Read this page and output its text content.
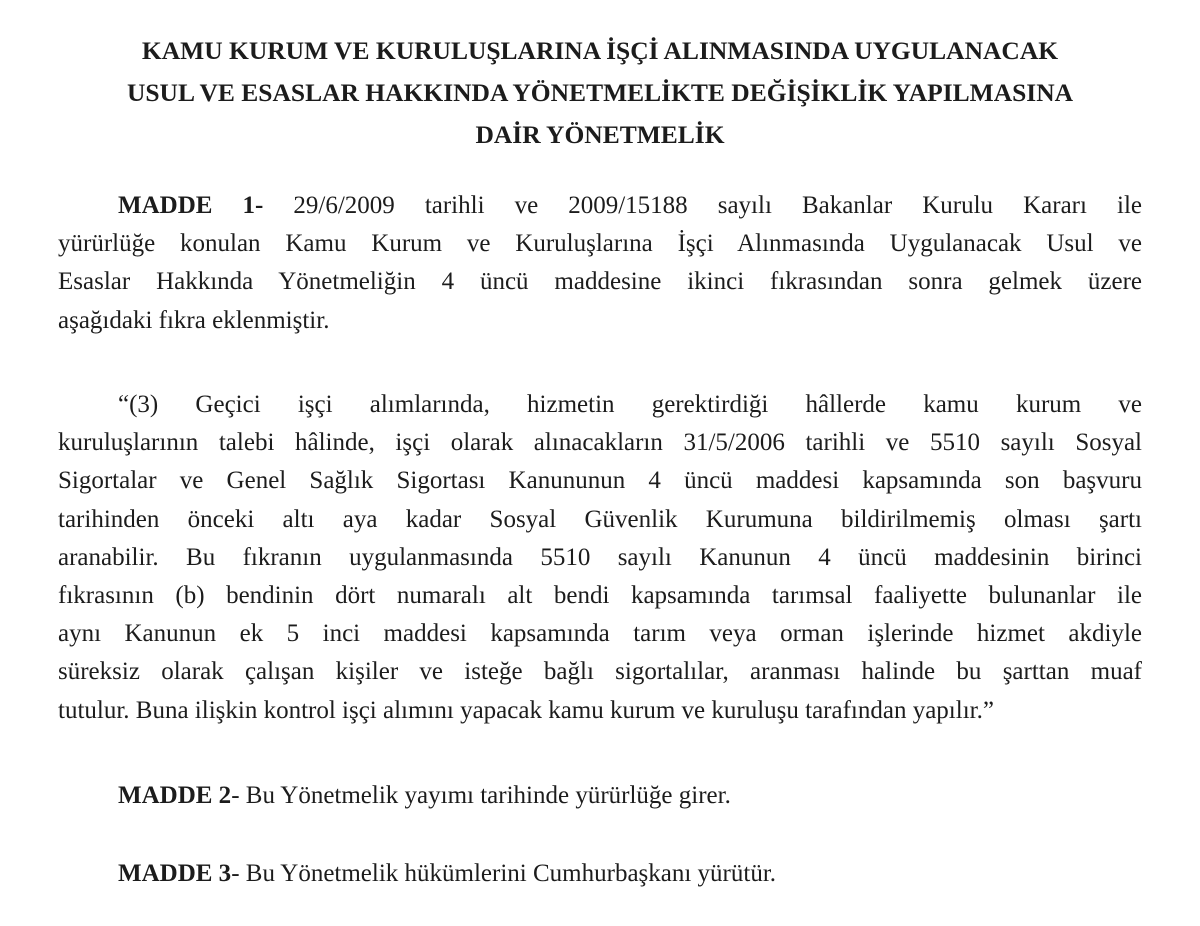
KAMU KURUM VE KURULUŞLARINA İŞÇİ ALINMASINDA UYGULANACAK
USUL VE ESASLAR HAKKINDA YÖNETMELİKTE DEĞİŞİKLİK YAPILMASINA
DAİR YÖNETMELİK

MADDE 1- 29/6/2009 tarihli ve 2009/15188 sayılı Bakanlar Kurulu Kararı ile
yürürlüğe konulan Kamu Kurum ve Kuruluşlarına İşçi Alınmasında Uygulanacak Usul ve
Esaslar Hakkında Yönetmeliğin 4 üncü maddesine ikinci fıkrasından sonra gelmek üzere
aşağıdaki fıkra eklenmiştir.

“(3) Geçici işçi alımlarında, hizmetin gerektirdiği hâllerde kamu kurum ve
kuruluşlarının talebi hâlinde, işçi olarak alınacakların 31/5/2006 tarihli ve 5510 sayılı Sosyal
Sigortalar ve Genel Sağlık Sigortası Kanununun 4 üncü maddesi kapsamında son başvuru
tarihinden önceki altı aya kadar Sosyal Güvenlik Kurumuna bildirilmemiş olması şartı
aranabilir. Bu fıkranın uygulanmasında 5510 sayılı Kanunun 4 üncü maddesinin birinci
fıkrasının (b) bendinin dört numaralı alt bendi kapsamında tarımsal faaliyette bulunanlar ile
aynı Kanunun ek 5 inci maddesi kapsamında tarım veya orman işlerinde hizmet akdiyle
süreksiz olarak çalışan kişiler ve isteğe bağlı sigortalılar, aranması halinde bu şarttan muaf
tutulur. Buna ilişkin kontrol işçi alımını yapacak kamu kurum ve kuruluşu tarafından yapılır.”

MADDE 2- Bu Yönetmelik yayımı tarihinde yürürlüğe girer.

MADDE 3- Bu Yönetmelik hükümlerini Cumhurbaşkanı yürütür.
